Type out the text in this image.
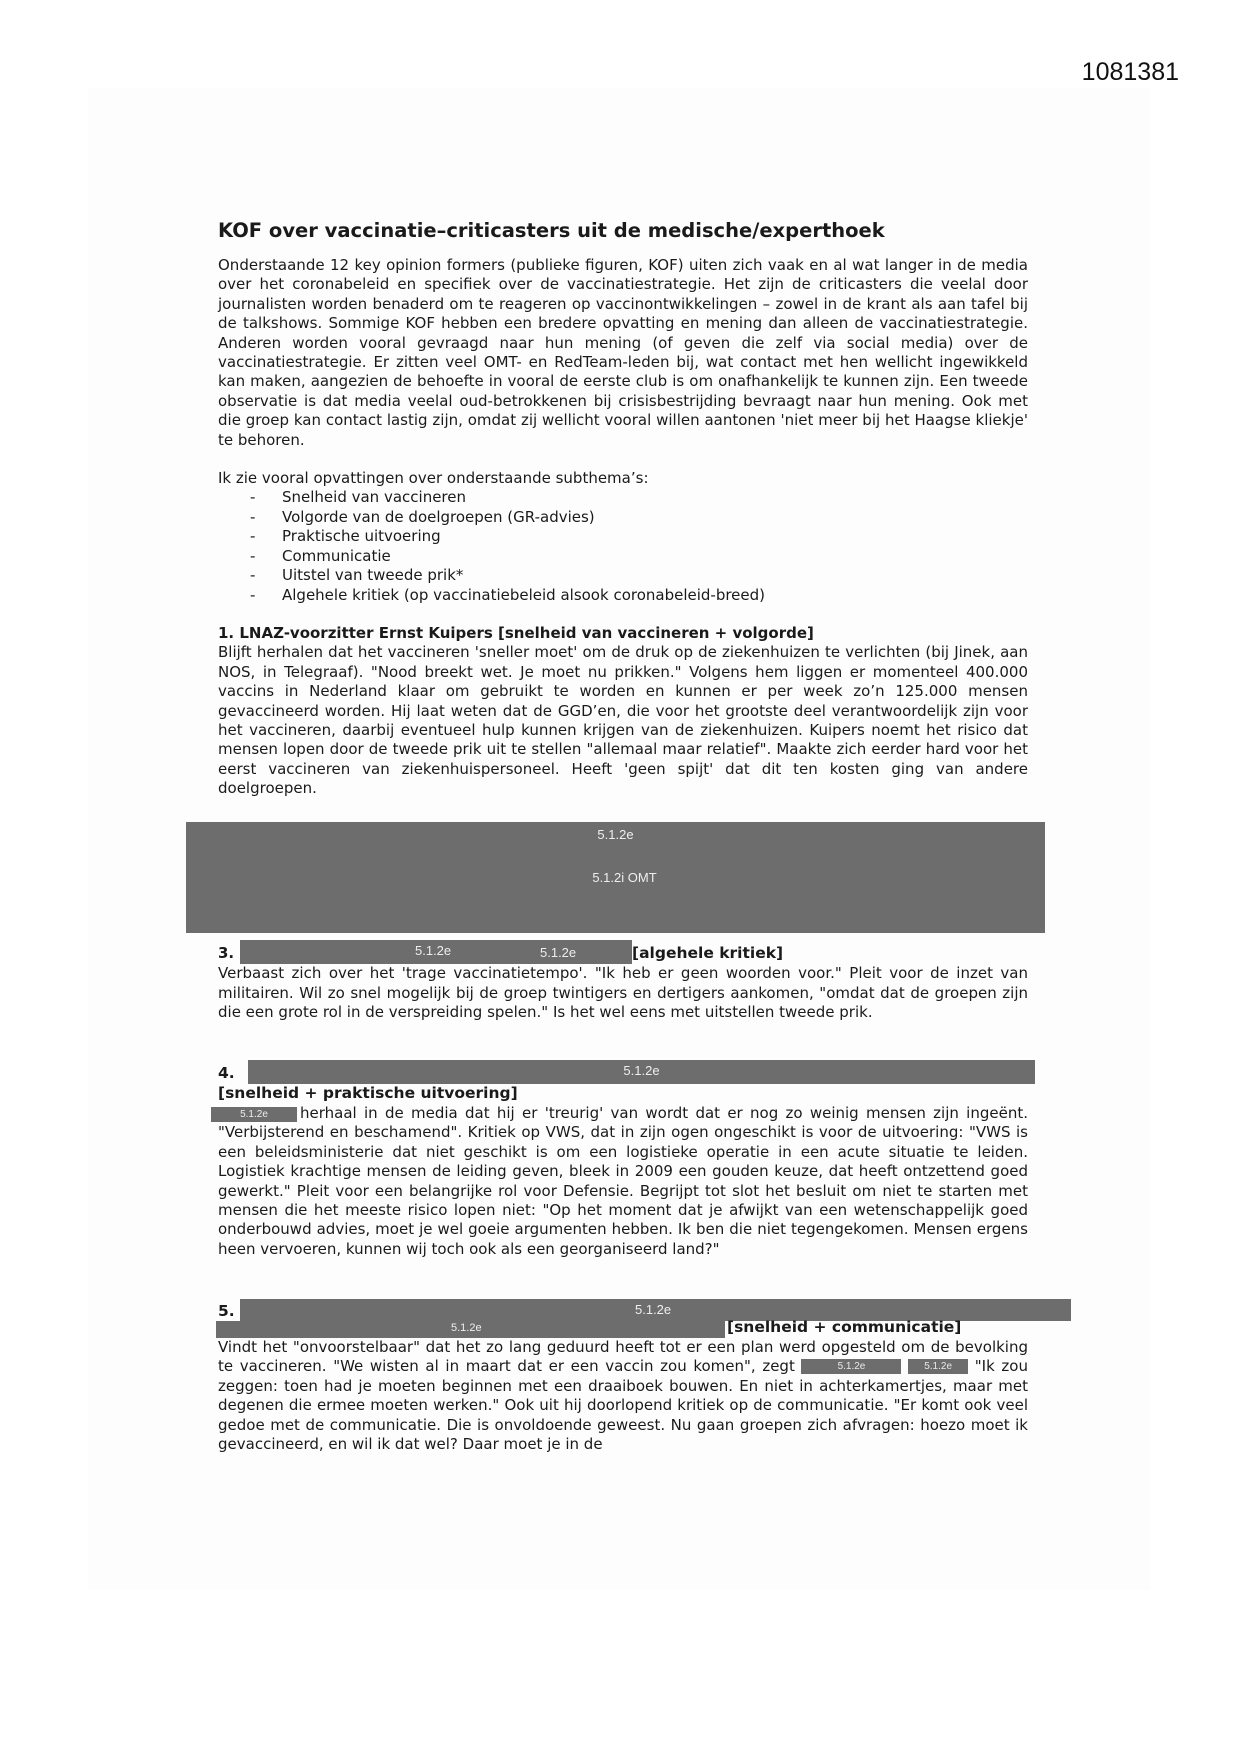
1081381
KOF over vaccinatie–criticasters uit de medische/experthoek

Onderstaande 12 key opinion formers (publieke figuren, KOF) uiten zich vaak en al wat langer in de media over het coronabeleid en specifiek over de vaccinatiestrategie. Het zijn de criticasters die veelal door journalisten worden benaderd om te reageren op vaccinontwikkelingen – zowel in de krant als aan tafel bij de talkshows. Sommige KOF hebben een bredere opvatting en mening dan alleen de vaccinatiestrategie. Anderen worden vooral gevraagd naar hun mening (of geven die zelf via social media) over de vaccinatiestrategie. Er zitten veel OMT- en RedTeam-leden bij, wat contact met hen wellicht ingewikkeld kan maken, aangezien de behoefte in vooral de eerste club is om onafhankelijk te kunnen zijn. Een tweede observatie is dat media veelal oud-betrokkenen bij crisisbestrijding bevraagt naar hun mening. Ook met die groep kan contact lastig zijn, omdat zij wellicht vooral willen aantonen 'niet meer bij het Haagse kliekje' te behoren.

Ik zie vooral opvattingen over onderstaande subthema’s:

- Snelheid van vaccineren
- Volgorde van de doelgroepen (GR-advies)
- Praktische uitvoering
- Communicatie
- Uitstel van tweede prik*
- Algehele kritiek (op vaccinatiebeleid alsook coronabeleid-breed)
1. LNAZ-voorzitter Ernst Kuipers [snelheid van vaccineren + volgorde]

Blijft herhalen dat het vaccineren 'sneller moet' om de druk op de ziekenhuizen te verlichten (bij Jinek, aan NOS, in Telegraaf). "Nood breekt wet. Je moet nu prikken." Volgens hem liggen er momenteel 400.000 vaccins in Nederland klaar om gebruikt te worden en kunnen er per week zo’n 125.000 mensen gevaccineerd worden. Hij laat weten dat de GGD’en, die voor het grootste deel verantwoordelijk zijn voor het vaccineren, daarbij eventueel hulp kunnen krijgen van de ziekenhuizen. Kuipers noemt het risico dat mensen lopen door de tweede prik uit te stellen "allemaal maar relatief". Maakte zich eerder hard voor het eerst vaccineren van ziekenhuispersoneel. Heeft 'geen spijt' dat dit ten kosten ging van andere doelgroepen.

5.1.2e
5.1.2i OMT
3.	5.1.2e	5.1.2e	[algehele kritiek]

Verbaast zich over het 'trage vaccinatietempo'. "Ik heb er geen woorden voor." Pleit voor de inzet van militairen. Wil zo snel mogelijk bij de groep twintigers en dertigers aankomen, "omdat dat de groepen zijn die een grote rol in de verspreiding spelen." Is het wel eens met uitstellen tweede prik.

4.	5.1.2e
[snelheid + praktische uitvoering]
5.1.2e	herhaal in de media dat hij er 'treurig' van wordt dat er nog zo weinig mensen zijn ingeënt. "Verbijsterend en beschamend". Kritiek op VWS, dat in zijn ogen ongeschikt is voor de uitvoering: "VWS is een beleidsministerie dat niet geschikt is om een logistieke operatie in een acute situatie te leiden. Logistiek krachtige mensen de leiding geven, bleek in 2009 een gouden keuze, dat heeft ontzettend goed gewerkt." Pleit voor een belangrijke rol voor Defensie. Begrijpt tot slot het besluit om niet te starten met mensen die het meeste risico lopen niet: "Op het moment dat je afwijkt van een wetenschappelijk goed onderbouwd advies, moet je wel goeie argumenten hebben. Ik ben die niet tegengekomen. Mensen ergens heen vervoeren, kunnen wij toch ook als een georganiseerd land?"

5.	5.1.2e
5.1.2e	[snelheid + communicatie]

Vindt het "onvoorstelbaar" dat het zo lang geduurd heeft tot er een plan werd opgesteld om de bevolking te vaccineren. "We wisten al in maart dat er een vaccin zou komen", zegt	5.1.2e	5.1.2e "Ik zou zeggen: toen had je moeten beginnen met een draaiboek bouwen. En niet in achterkamertjes, maar met degenen die ermee moeten werken." Ook uit hij doorlopend kritiek op de communicatie. "Er komt ook veel gedoe met de communicatie. Die is onvoldoende geweest. Nu gaan groepen zich afvragen: hoezo moet ik gevaccineerd, en wil ik dat wel? Daar moet je in de
